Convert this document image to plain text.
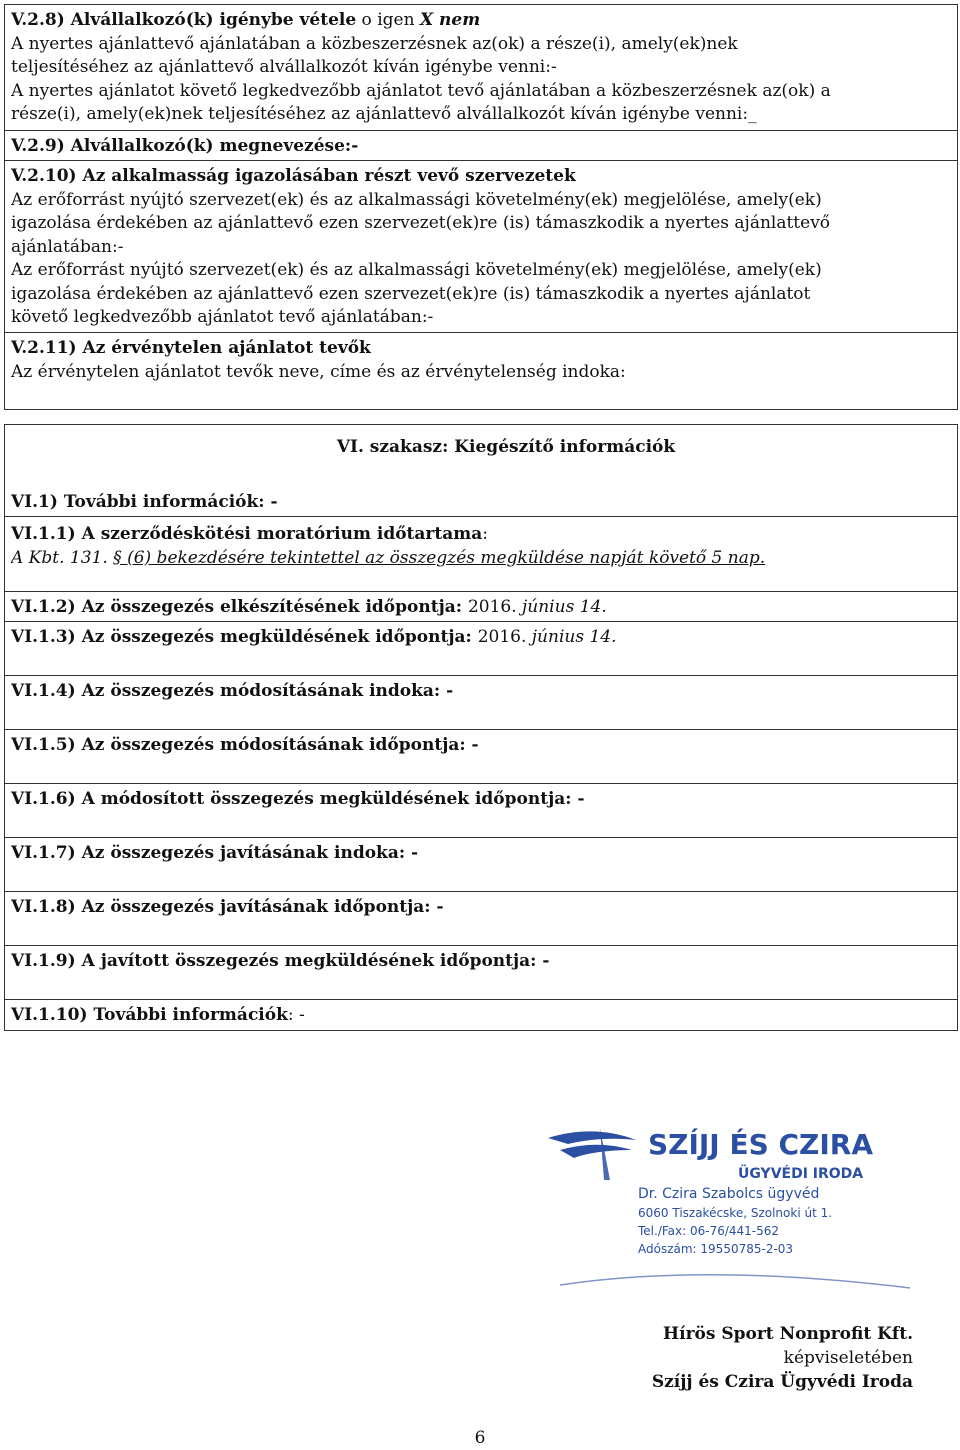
V.2.8) Alvállalkozó(k) igénybe vétele o igen X nem
A nyertes ajánlattevő ajánlatában a közbeszerzésnek az(ok) a része(i), amely(ek)nek
teljesítéséhez az ajánlattevő alvállalkozót kíván igénybe venni:-
A nyertes ajánlatot követő legkedvezőbb ajánlatot tevő ajánlatában a közbeszerzésnek az(ok) a
része(i), amely(ek)nek teljesítéséhez az ajánlattevő alvállalkozót kíván igénybe venni:_
V.2.9) Alvállalkozó(k) megnevezése:-
V.2.10) Az alkalmasság igazolásában részt vevő szervezetek
Az erőforrást nyújtó szervezet(ek) és az alkalmassági követelmény(ek) megjelölése, amely(ek)
igazolása érdekében az ajánlattevő ezen szervezet(ek)re (is) támaszkodik a nyertes ajánlattevő
ajánlatában:-
Az erőforrást nyújtó szervezet(ek) és az alkalmassági követelmény(ek) megjelölése, amely(ek)
igazolása érdekében az ajánlattevő ezen szervezet(ek)re (is) támaszkodik a nyertes ajánlatot
követő legkedvezőbb ajánlatot tevő ajánlatában:-
V.2.11) Az érvénytelen ajánlatot tevők
Az érvénytelen ajánlatot tevők neve, címe és az érvénytelenség indoka:
VI. szakasz: Kiegészítő információk
VI.1) További információk: -
VI.1.1) A szerződéskötési moratórium időtartama:
A Kbt. 131. § (6) bekezdésére tekintettel az összegzés megküldése napját követő 5 nap.
VI.1.2) Az összegezés elkészítésének időpontja: 2016. június 14.
VI.1.3) Az összegezés megküldésének időpontja: 2016. június 14.
VI.1.4) Az összegezés módosításának indoka: -
VI.1.5) Az összegezés módosításának időpontja: -
VI.1.6) A módosított összegezés megküldésének időpontja: -
VI.1.7) Az összegezés javításának indoka: -
VI.1.8) Az összegezés javításának időpontja: -
VI.1.9) A javított összegezés megküldésének időpontja: -
VI.1.10) További információk: -
SZÍJJ ÉS CZIRA
ÜGYVÉDI IRODA
Dr. Czira Szabolcs ügyvéd
6060 Tiszakécske, Szolnoki út 1.
Tel./Fax: 06-76/441-562
Adószám: 19550785-2-03
Hírös Sport Nonprofit Kft.
képviseletében
Szíjj és Czira Ügyvédi Iroda
6
